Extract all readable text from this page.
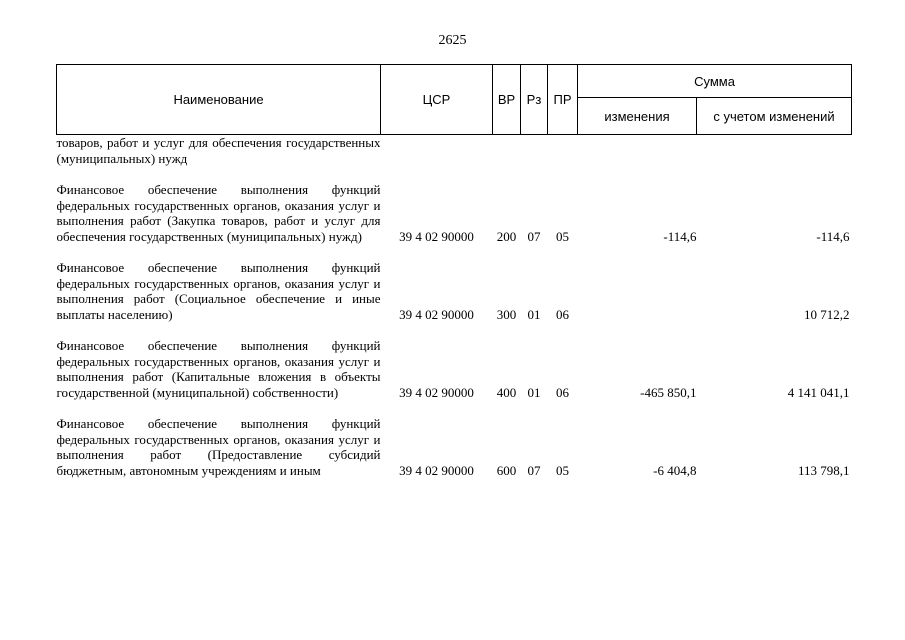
2625
Наименование	ЦСР	ВР	Рз	ПР	Сумма	
					изменения	с учетом изменений
товаров, работ и услуг для обеспечения государственных (муниципальных) нужд						

Финансовое обеспечение выполнения функций федеральных государственных органов, оказания услуг и выполнения работ (Закупка товаров, работ и услуг для обеспечения государственных (муниципальных) нужд)	39 4 02 90000	200	07	05	-114,6	-114,6

Финансовое обеспечение выполнения функций федеральных государственных органов, оказания услуг и выполнения работ (Социальное обеспечение и иные выплаты населению)	39 4 02 90000	300	01	06		10 712,2

Финансовое обеспечение выполнения функций федеральных государственных органов, оказания услуг и выполнения работ (Капитальные вложения в объекты государственной (муниципальной) собственности)	39 4 02 90000	400	01	06	-465 850,1	4 141 041,1

Финансовое обеспечение выполнения функций федеральных государственных органов, оказания услуг и выполнения работ (Предоставление субсидий бюджетным, автономным учреждениям и иным	39 4 02 90000	600	07	05	-6 404,8	113 798,1
